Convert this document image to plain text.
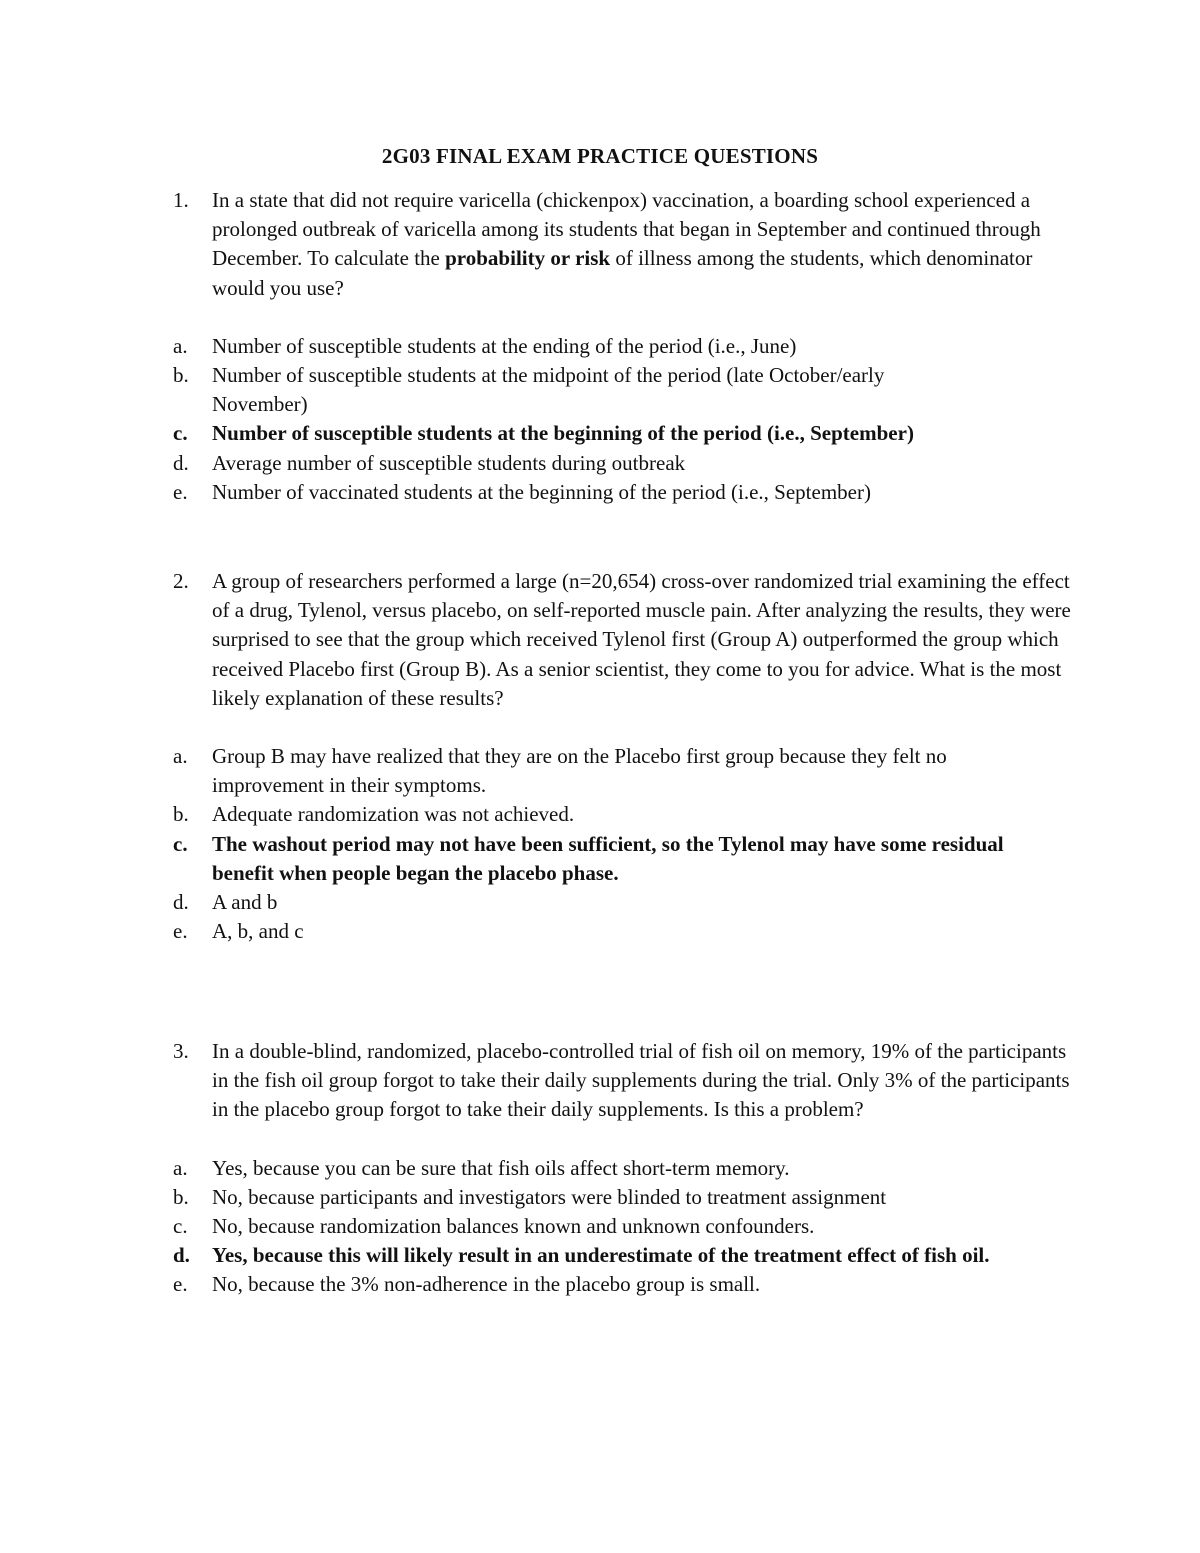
2G03 FINAL EXAM PRACTICE QUESTIONS
1. In a state that did not require varicella (chickenpox) vaccination, a boarding school experienced a prolonged outbreak of varicella among its students that began in September and continued through December. To calculate the probability or risk of illness among the students, which denominator would you use?
a. Number of susceptible students at the ending of the period (i.e., June)
b. Number of susceptible students at the midpoint of the period (late October/early November)
c. Number of susceptible students at the beginning of the period (i.e., September)
d. Average number of susceptible students during outbreak
e. Number of vaccinated students at the beginning of the period (i.e., September)
2. A group of researchers performed a large (n=20,654) cross-over randomized trial examining the effect of a drug, Tylenol, versus placebo, on self-reported muscle pain. After analyzing the results, they were surprised to see that the group which received Tylenol first (Group A) outperformed the group which received Placebo first (Group B). As a senior scientist, they come to you for advice. What is the most likely explanation of these results?
a. Group B may have realized that they are on the Placebo first group because they felt no improvement in their symptoms.
b. Adequate randomization was not achieved.
c. The washout period may not have been sufficient, so the Tylenol may have some residual benefit when people began the placebo phase.
d. A and b
e. A, b, and c
3. In a double-blind, randomized, placebo-controlled trial of fish oil on memory, 19% of the participants in the fish oil group forgot to take their daily supplements during the trial. Only 3% of the participants in the placebo group forgot to take their daily supplements. Is this a problem?
a. Yes, because you can be sure that fish oils affect short-term memory.
b. No, because participants and investigators were blinded to treatment assignment
c. No, because randomization balances known and unknown confounders.
d. Yes, because this will likely result in an underestimate of the treatment effect of fish oil.
e. No, because the 3% non-adherence in the placebo group is small.
